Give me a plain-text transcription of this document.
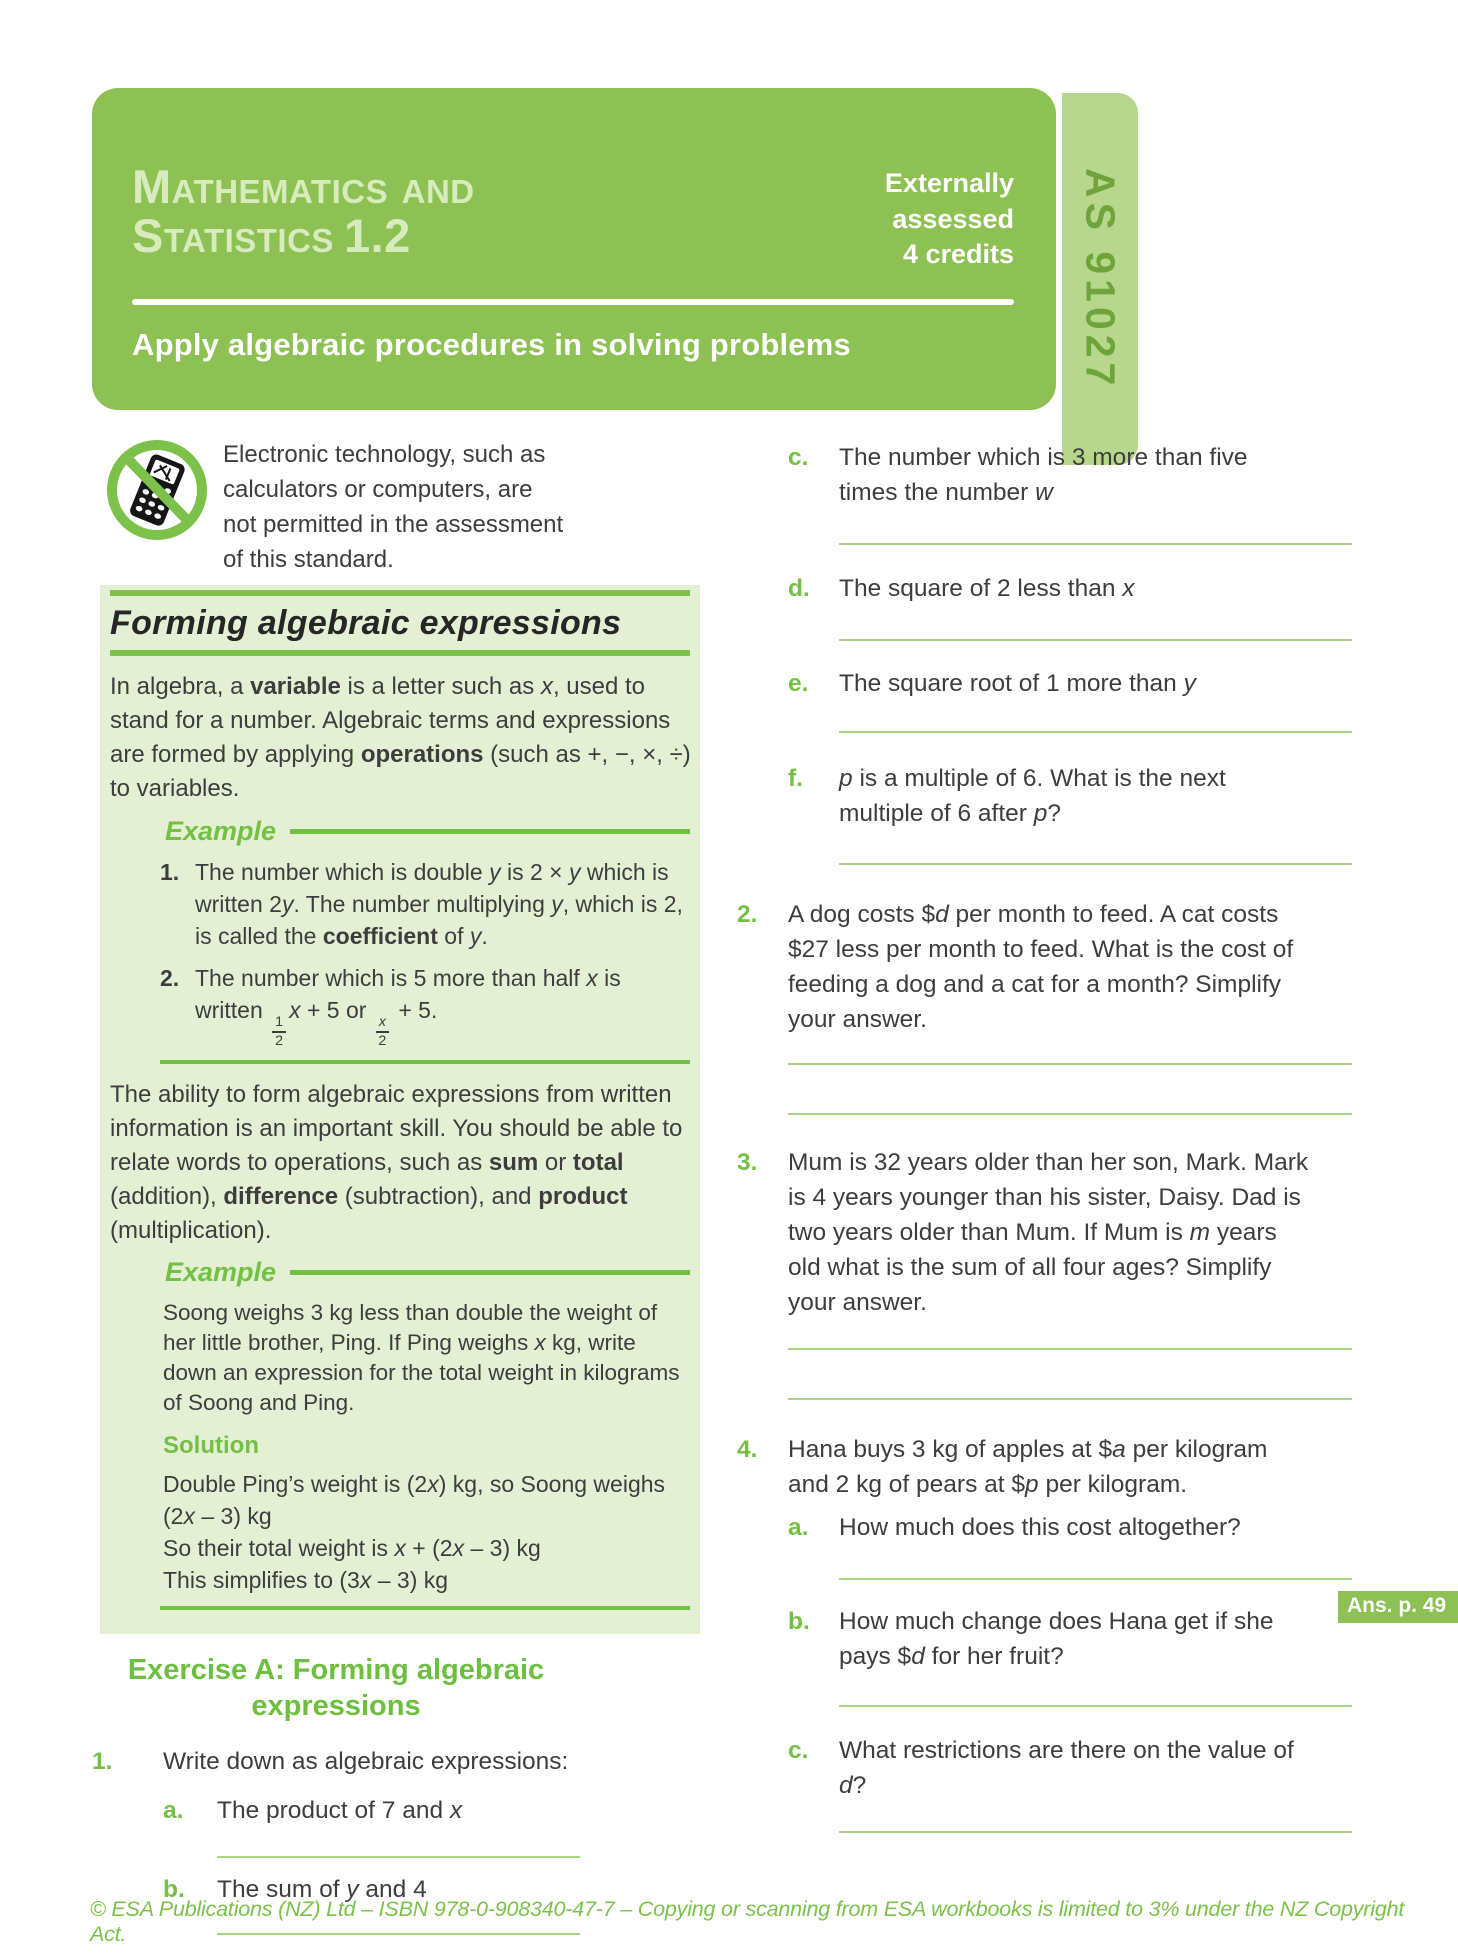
Mathematics and Statistics 1.2
Externally assessed
4 credits
Apply algebraic procedures in solving problems	AS 91027
Electronic technology, such as calculators or computers, are not permitted in the assessment of this standard.
Forming algebraic expressions

In algebra, a variable is a letter such as x, used to stand for a number. Algebraic terms and expressions are formed by applying operations (such as +, −, ×, ÷) to variables.

Example
1. The number which is double y is 2 × y which is written 2y. The number multiplying y, which is 2, is called the coefficient of y.
2. The number which is 5 more than half x is written
$\frac{1}{2}$
x + 5 or
$\frac{x}{2}$
+ 5.

The ability to form algebraic expressions from written information is an important skill. You should be able to relate words to operations, such as sum or total (addition), difference (subtraction), and product (multiplication).

Example

Soong weighs 3 kg less than double the weight of her little brother, Ping. If Ping weighs x kg, write down an expression for the total weight in kilograms of Soong and Ping.

Solution

Double Ping’s weight is (2x) kg, so Soong weighs (2x – 3) kg

So their total weight is x + (2x – 3) kg

This simplifies to (3x – 3) kg

Exercise A: Forming algebraic
expressions
1.	Write down as algebraic expressions:
a.	The product of 7 and x
b.	The sum of y and 4
c.	The number which is 3 more than five times the number w
d.	The square of 2 less than x
e.	The square root of 1 more than y
f.	p is a multiple of 6. What is the next multiple of 6 after p?
2.	A dog costs $d per month to feed. A cat costs $27 less per month to feed. What is the cost of feeding a dog and a cat for a month? Simplify your answer.
3.	Mum is 32 years older than her son, Mark. Mark is 4 years younger than his sister, Daisy. Dad is two years older than Mum. If Mum is m years old what is the sum of all four ages? Simplify your answer.
4.	Hana buys 3 kg of apples at $a per kilogram and 2 kg of pears at $p per kilogram.
a.	How much does this cost altogether?
b.	How much change does Hana get if she pays $d for her fruit?
c.	What restrictions are there on the value of d?
Ans. p. 49
© ESA Publications (NZ) Ltd – ISBN 978-0-908340-47-7 – Copying or scanning from ESA workbooks is limited to 3% under the NZ Copyright Act.
